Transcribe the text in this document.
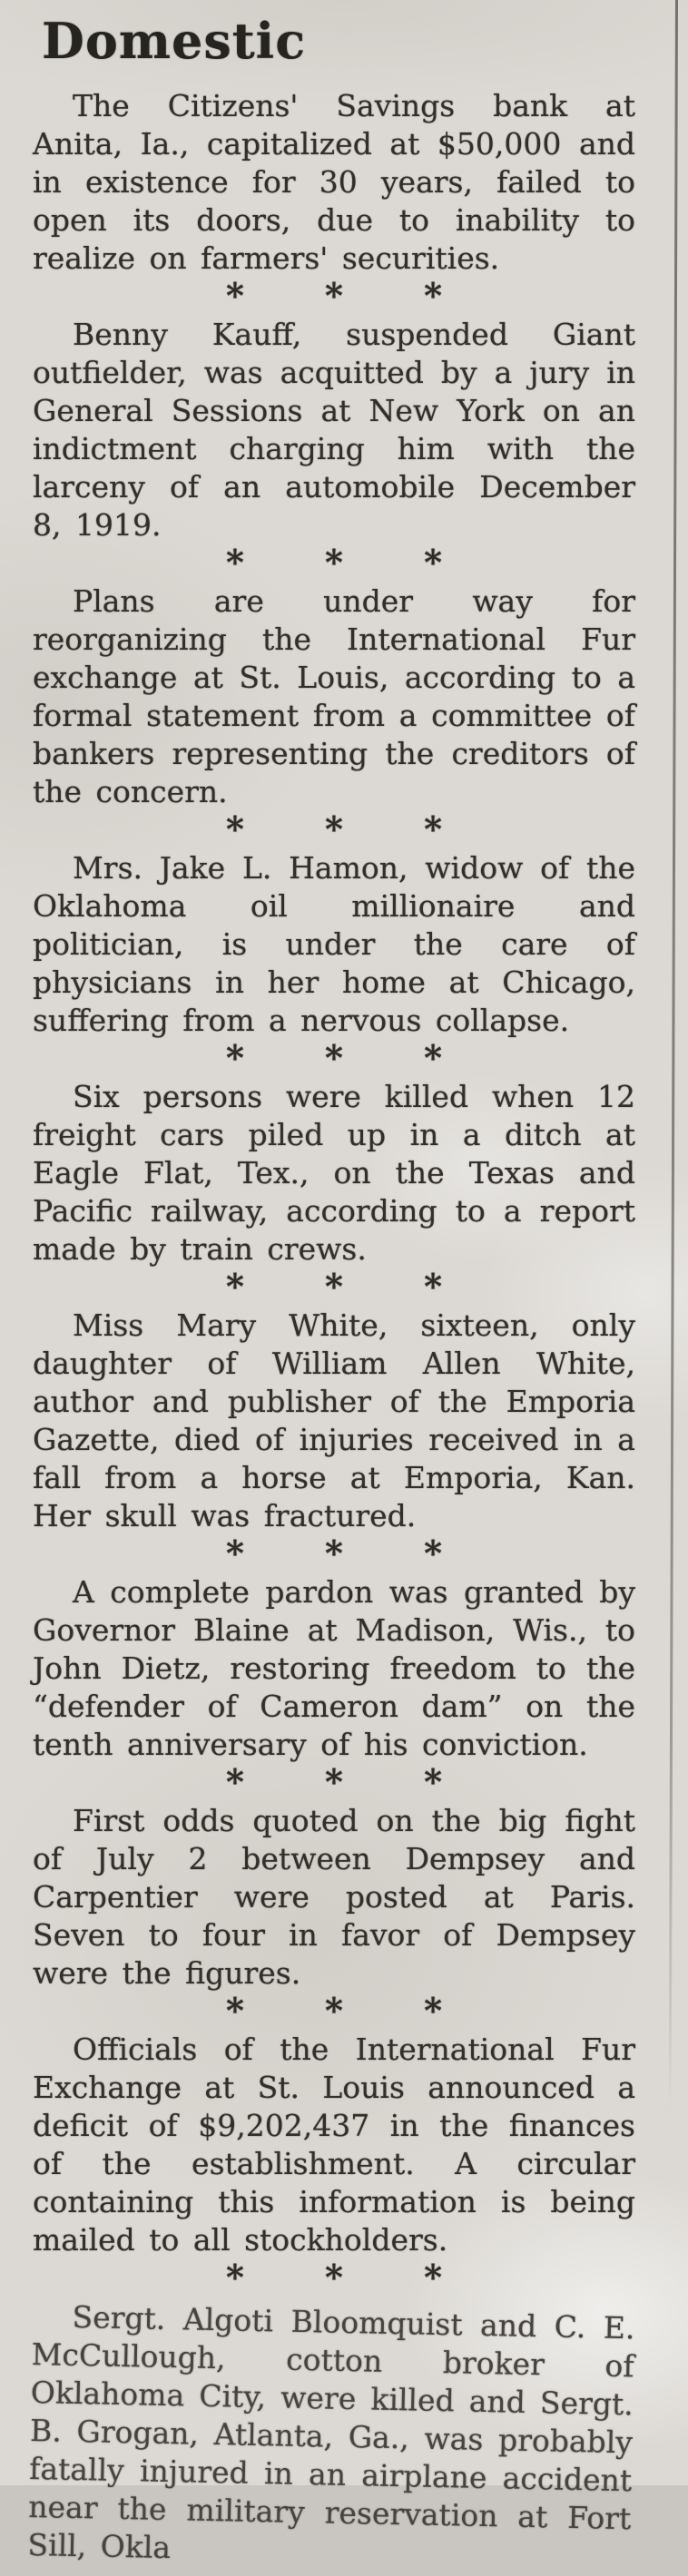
Domestic

The Citizens' Savings bank at Anita, Ia., capitalized at $50,000 and in existence for 30 years, failed to open its doors, due to inability to realize on farmers' securities.

* * *

Benny Kauff, suspended Giant outfielder, was acquitted by a jury in General Sessions at New York on an indictment charging him with the larceny of an automobile December 8, 1919.

* * *

Plans are under way for reorganizing the International Fur exchange at St. Louis, according to a formal statement from a committee of bankers representing the creditors of the concern.

* * *

Mrs. Jake L. Hamon, widow of the Oklahoma oil millionaire and politician, is under the care of physicians in her home at Chicago, suffering from a nervous collapse.

* * *

Six persons were killed when 12 freight cars piled up in a ditch at Eagle Flat, Tex., on the Texas and Pacific railway, according to a report made by train crews.

* * *

Miss Mary White, sixteen, only daughter of William Allen White, author and publisher of the Emporia Gazette, died of injuries received in a fall from a horse at Emporia, Kan. Her skull was fractured.

* * *

A complete pardon was granted by Governor Blaine at Madison, Wis., to John Dietz, restoring freedom to the “defender of Cameron dam” on the tenth anniversary of his conviction.

* * *

First odds quoted on the big fight of July 2 between Dempsey and Carpentier were posted at Paris. Seven to four in favor of Dempsey were the figures.

* * *

Officials of the International Fur Exchange at St. Louis announced a deficit of $9,202,437 in the finances of the establishment. A circular containing this information is being mailed to all stockholders.

* * *

Sergt. Algoti Bloomquist and C. E. McCullough, cotton broker of Oklahoma City, were killed and Sergt. B. Grogan, Atlanta, Ga., was probably fatally injured in an airplane accident near the military reservation at Fort Sill, Okla
